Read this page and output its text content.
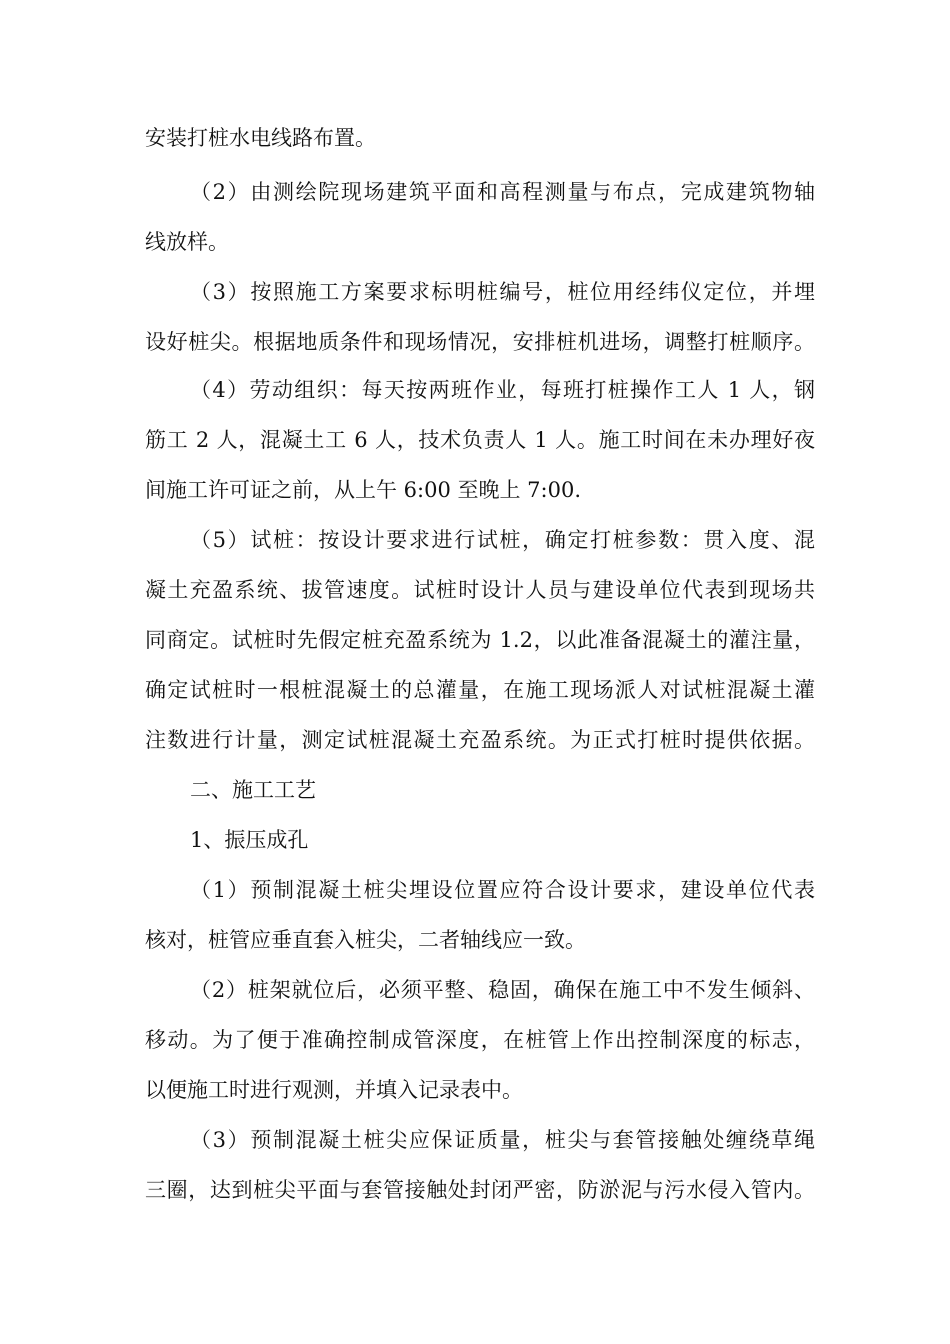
安装打桩水电线路布置。
（2）由测绘院现场建筑平面和高程测量与布点，完成建筑物轴
线放样。
（3）按照施工方案要求标明桩编号，桩位用经纬仪定位，并埋
设好桩尖。根据地质条件和现场情况，安排桩机进场，调整打桩顺序。
（4）劳动组织：每天按两班作业，每班打桩操作工人 1 人，钢
筋工 2 人，混凝土工 6 人，技术负责人 1 人。施工时间在未办理好夜
间施工许可证之前，从上午 6:00 至晚上 7:00.
（5）试桩：按设计要求进行试桩，确定打桩参数：贯入度、混
凝土充盈系统、拔管速度。试桩时设计人员与建设单位代表到现场共
同商定。试桩时先假定桩充盈系统为 1.2，以此准备混凝土的灌注量，
确定试桩时一根桩混凝土的总灌量，在施工现场派人对试桩混凝土灌
注数进行计量，测定试桩混凝土充盈系统。为正式打桩时提供依据。
二、施工工艺
1、振压成孔
（1）预制混凝土桩尖埋设位置应符合设计要求，建设单位代表
核对，桩管应垂直套入桩尖，二者轴线应一致。
（2）桩架就位后，必须平整、稳固，确保在施工中不发生倾斜、
移动。为了便于准确控制成管深度，在桩管上作出控制深度的标志，
以便施工时进行观测，并填入记录表中。
（3）预制混凝土桩尖应保证质量，桩尖与套管接触处缠绕草绳
三圈，达到桩尖平面与套管接触处封闭严密，防淤泥与污水侵入管内。
